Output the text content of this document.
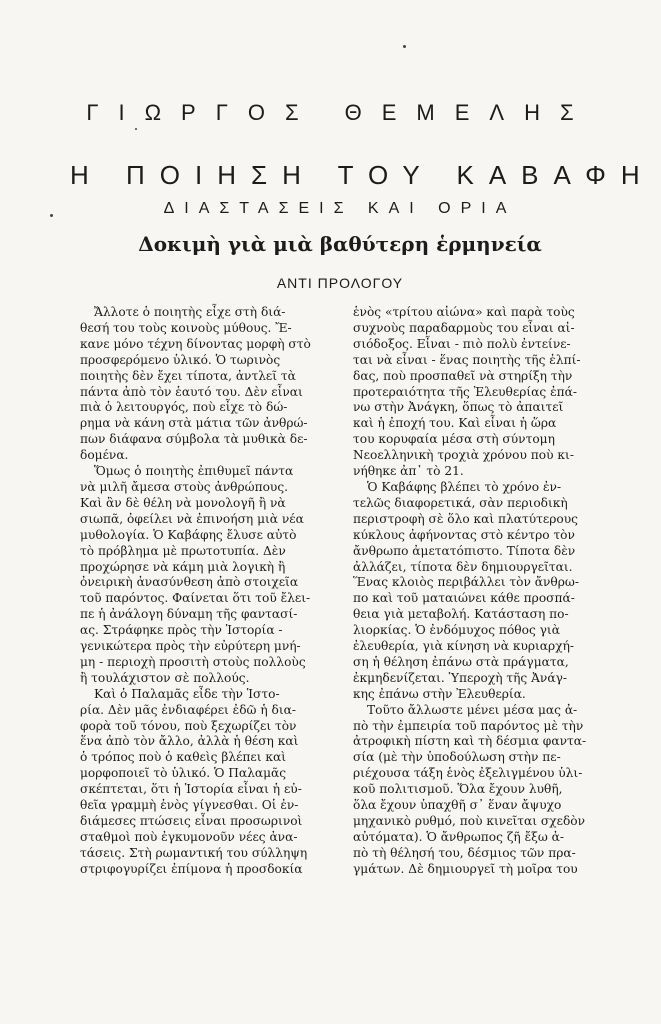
ΓΙΩΡΓΟΣ ΘΕΜΕΛΗΣ
Η ΠΟΙΗΣΗ ΤΟΥ ΚΑΒΑΦΗ
ΔΙΑΣΤΑΣΕΙΣ ΚΑΙ ΟΡΙΑ
Δοκιμὴ γιὰ μιὰ βαθύτερη ἑρμηνεία
ΑΝΤΙ ΠΡΟΛΟΓΟΥ
Ἄλλοτε ὁ ποιητὴς εἶχε στὴ διά-
θεσή του τοὺς κοινοὺς μύθους. Ἔ-
κανε μόνο τέχνη δίνοντας μορφὴ στὸ
προσφερόμενο ὑλικό. Ὁ τωρινὸς
ποιητὴς δὲν ἔχει τίποτα, ἀντλεῖ τὰ
πάντα ἀπὸ τὸν ἑαυτό του. Δὲν εἶναι
πιὰ ὁ λειτουργός, ποὺ εἶχε τὸ δώ-
ρημα νὰ κάνη στὰ μάτια τῶν ἀνθρώ-
πων διάφανα σύμβολα τὰ μυθικὰ δε-
δομένα.
Ὅμως ὁ ποιητὴς ἐπιθυμεῖ πάντα
νὰ μιλῆ ἄμεσα στοὺς ἀνθρώπους.
Καὶ ἂν δὲ θέλη νὰ μονολογῆ ἢ νὰ
σιωπᾶ, ὀφείλει νὰ ἐπινοήση μιὰ νέα
μυθολογία. Ὁ Καβάφης ἔλυσε αὐτὸ
τὸ πρόβλημα μὲ πρωτοτυπία. Δὲν
προχώρησε νὰ κάμη μιὰ λογικὴ ἢ
ὀνειρικὴ ἀνασύνθεση ἀπὸ στοιχεῖα
τοῦ παρόντος. Φαίνεται ὅτι τοῦ ἔλει-
πε ἡ ἀνάλογη δύναμη τῆς φαντασί-
ας. Στράφηκε πρὸς τὴν Ἱστορία -
γενικώτερα πρὸς τὴν εὐρύτερη μνή-
μη - περιοχὴ προσιτὴ στοὺς πολλοὺς
ἢ τουλάχιστον σὲ πολλούς.
Καὶ ὁ Παλαμᾶς εἶδε τὴν Ἱστο-
ρία. Δὲν μᾶς ἐνδιαφέρει ἐδῶ ἡ δια-
φορὰ τοῦ τόνου, ποὺ ξεχωρίζει τὸν
ἕνα ἀπὸ τὸν ἄλλο, ἀλλὰ ἡ θέση καὶ
ὁ τρόπος ποὺ ὁ καθεὶς βλέπει καὶ
μορφοποιεῖ τὸ ὑλικό. Ὁ Παλαμᾶς
σκέπτεται, ὅτι ἡ Ἱστορία εἶναι ἡ εὐ-
θεῖα γραμμὴ ἑνὸς γίγνεσθαι. Οἱ ἐν-
διάμεσες πτώσεις εἶναι προσωρινοὶ
σταθμοὶ ποὺ ἐγκυμονοῦν νέες ἀνα-
τάσεις. Στὴ ρωμαντική του σύλληψη
στριφογυρίζει ἐπίμονα ἡ προσδοκία
ἑνὸς «τρίτου αἰώνα» καὶ παρὰ τοὺς
συχνοὺς παραδαρμοὺς του εἶναι αἰ-
σιόδοξος. Εἶναι - πιὸ πολὺ ἐντείνε-
ται νὰ εἶναι - ἕνας ποιητὴς τῆς ἐλπί-
δας, ποὺ προσπαθεῖ νὰ στηρίξη τὴν
προτεραιότητα τῆς Ἐλευθερίας ἐπά-
νω στὴν Ἀνάγκη, ὅπως τὸ ἀπαιτεῖ
καὶ ἡ ἐποχή του. Καὶ εἶναι ἡ ὥρα
του κορυφαία μέσα στὴ σύντομη
Νεοελληνικὴ τροχιὰ χρόνου ποὺ κι-
νήθηκε ἀπ᾽ τὸ 21.
Ὁ Καβάφης βλέπει τὸ χρόνο ἐν-
τελῶς διαφορετικά, σὰν περιοδικὴ
περιστροφὴ σὲ ὅλο καὶ πλατύτερους
κύκλους ἀφήνοντας στὸ κέντρο τὸν
ἄνθρωπο ἀμετατόπιστο. Τίποτα δὲν
ἀλλάζει, τίποτα δὲν δημιουργεῖται.
Ἕνας κλοιὸς περιβάλλει τὸν ἄνθρω-
πο καὶ τοῦ ματαιώνει κάθε προσπά-
θεια γιὰ μεταβολή. Κατάσταση πο-
λιορκίας. Ὁ ἐνδόμυχος πόθος γιὰ
ἐλευθερία, γιὰ κίνηση νὰ κυριαρχή-
ση ἡ θέληση ἐπάνω στὰ πράγματα,
ἐκμηδενίζεται. Ὑπεροχὴ τῆς Ἀνάγ-
κης ἐπάνω στὴν Ἐλευθερία.
Τοῦτο ἄλλωστε μένει μέσα μας ἀ-
πὸ τὴν ἐμπειρία τοῦ παρόντος μὲ τὴν
ἀτροφικὴ πίστη καὶ τὴ δέσμια φαντα-
σία (μὲ τὴν ὑποδούλωση στὴν πε-
ριέχουσα τάξη ἑνὸς ἐξελιγμένου ὑλι-
κοῦ πολιτισμοῦ. Ὅλα ἔχουν λυθῆ,
ὅλα ἔχουν ὑπαχθῆ σ᾽ ἕναν ἄψυχο
μηχανικὸ ρυθμό, ποὺ κινεῖται σχεδὸν
αὐτόματα). Ὁ ἄνθρωπος ζῆ ἔξω ἀ-
πὸ τὴ θέλησή του, δέσμιος τῶν πρα-
γμάτων. Δὲ δημιουργεῖ τὴ μοῖρα του
